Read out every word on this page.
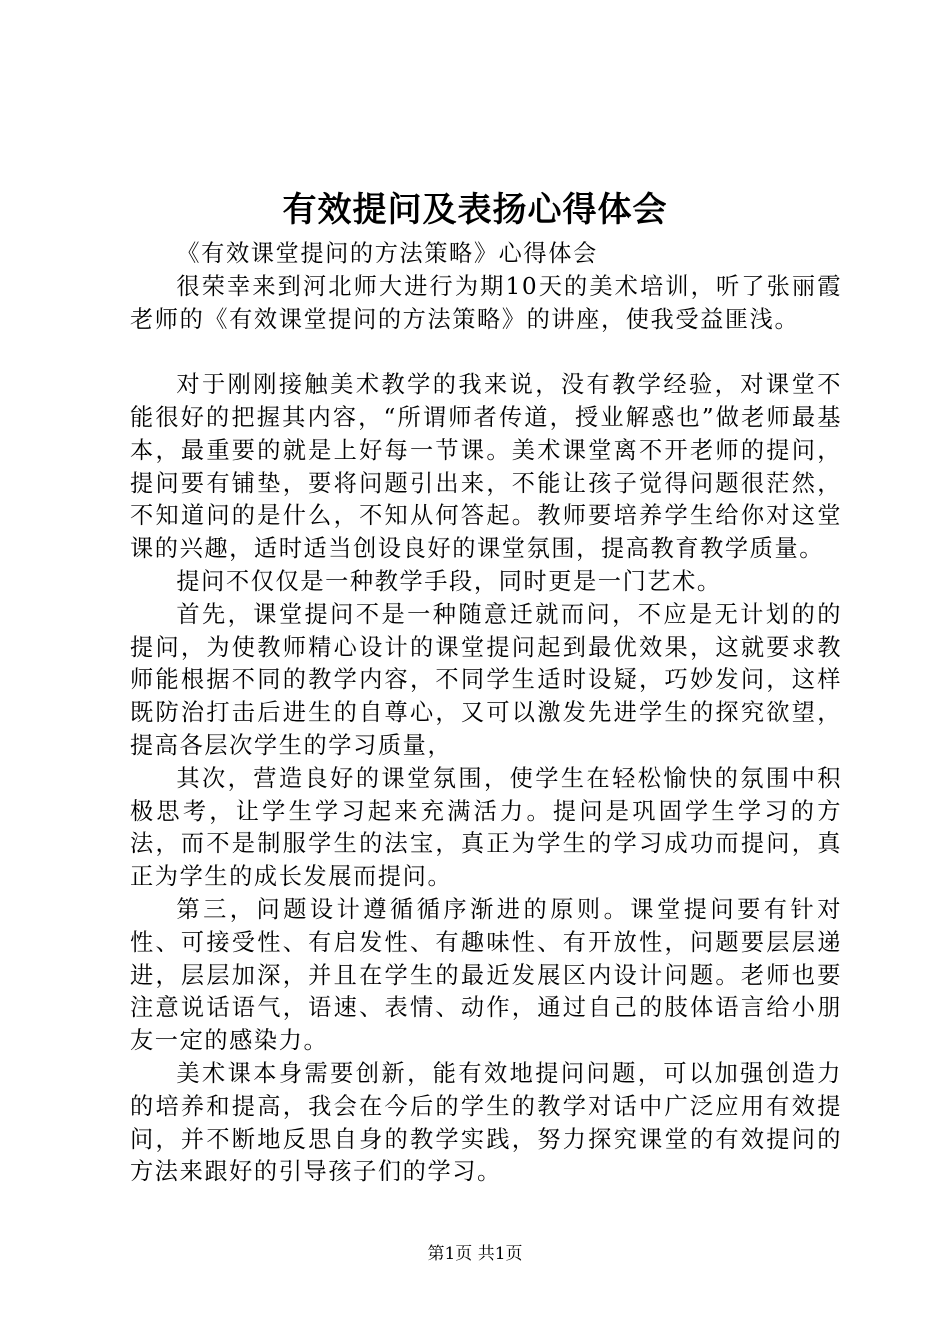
有效提问及表扬心得体会

《有效课堂提问的方法策略》心得体会

很荣幸来到河北师大进行为期10天的美术培训，听了张丽霞老师的《有效课堂提问的方法策略》的讲座，使我受益匪浅。

对于刚刚接触美术教学的我来说，没有教学经验，对课堂不能很好的把握其内容，“所谓师者传道，授业解惑也”做老师最基本，最重要的就是上好每一节课。美术课堂离不开老师的提问，提问要有铺垫，要将问题引出来，不能让孩子觉得问题很茫然，不知道问的是什么，不知从何答起。教师要培养学生给你对这堂课的兴趣，适时适当创设良好的课堂氛围，提高教育教学质量。

提问不仅仅是一种教学手段，同时更是一门艺术。

首先，课堂提问不是一种随意迁就而问，不应是无计划的的提问，为使教师精心设计的课堂提问起到最优效果，这就要求教师能根据不同的教学内容，不同学生适时设疑，巧妙发问，这样既防治打击后进生的自尊心，又可以激发先进学生的探究欲望，提高各层次学生的学习质量，

其次，营造良好的课堂氛围，使学生在轻松愉快的氛围中积极思考，让学生学习起来充满活力。提问是巩固学生学习的方法，而不是制服学生的法宝，真正为学生的学习成功而提问，真正为学生的成长发展而提问。

第三，问题设计遵循循序渐进的原则。课堂提问要有针对性、可接受性、有启发性、有趣味性、有开放性，问题要层层递进，层层加深，并且在学生的最近发展区内设计问题。老师也要注意说话语气，语速、表情、动作，通过自己的肢体语言给小朋友一定的感染力。

美术课本身需要创新，能有效地提问问题，可以加强创造力的培养和提高，我会在今后的学生的教学对话中广泛应用有效提问，并不断地反思自身的教学实践，努力探究课堂的有效提问的方法来跟好的引导孩子们的学习。

第1页 共1页
